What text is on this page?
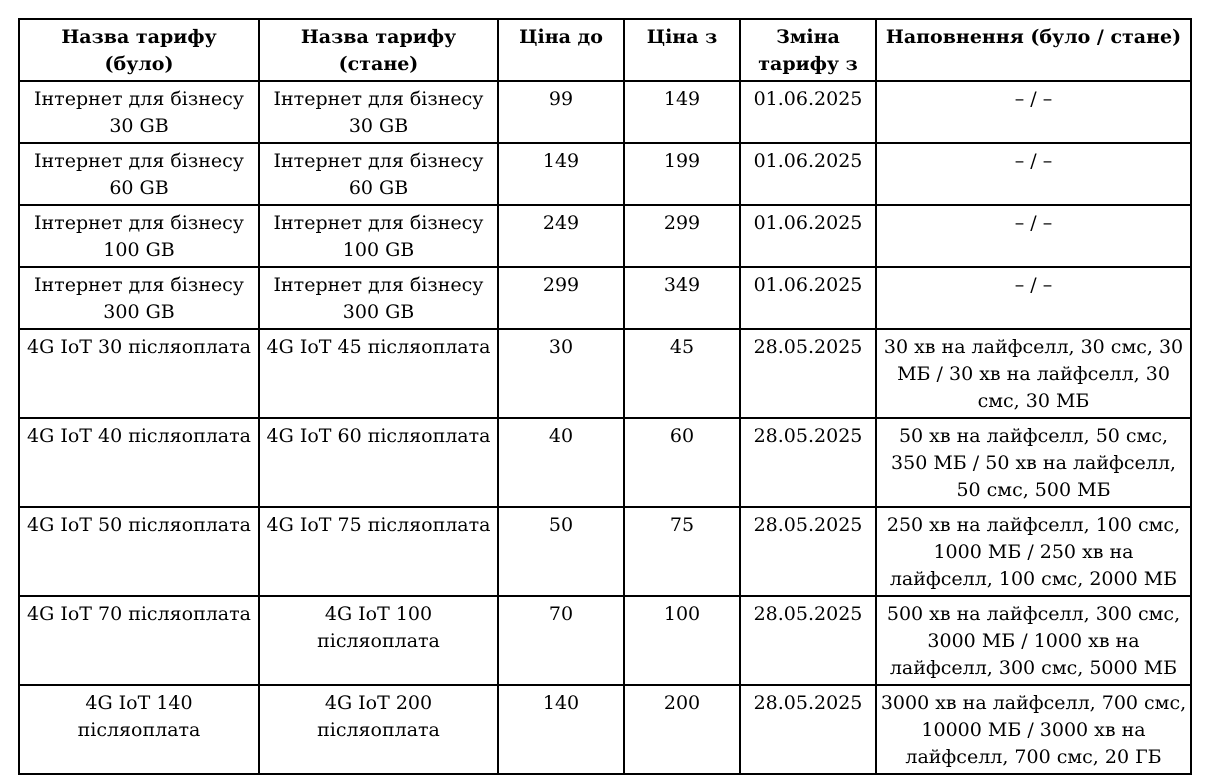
Назва тарифу (було)	Назва тарифу (стане)	Ціна до	Ціна з	Зміна тарифу з	Наповнення (було / стане)
Інтернет для бізнесу 30 GB	Інтернет для бізнесу 30 GB	99	149	01.06.2025	– / –
Інтернет для бізнесу 60 GB	Інтернет для бізнесу 60 GB	149	199	01.06.2025	– / –
Інтернет для бізнесу 100 GB	Інтернет для бізнесу 100 GB	249	299	01.06.2025	– / –
Інтернет для бізнесу 300 GB	Інтернет для бізнесу 300 GB	299	349	01.06.2025	– / –
4G IoT 30 післяоплата	4G IoT 45 післяоплата	30	45	28.05.2025	30 хв на лайфселл, 30 смс, 30 МБ / 30 хв на лайфселл, 30 смс, 30 МБ
4G IoT 40 післяоплата	4G IoT 60 післяоплата	40	60	28.05.2025	50 хв на лайфселл, 50 смс, 350 МБ / 50 хв на лайфселл, 50 смс, 500 МБ
4G IoT 50 післяоплата	4G IoT 75 післяоплата	50	75	28.05.2025	250 хв на лайфселл, 100 смс, 1000 МБ / 250 хв на лайфселл, 100 смс, 2000 МБ
4G IoT 70 післяоплата	4G IoT 100 післяоплата	70	100	28.05.2025	500 хв на лайфселл, 300 смс, 3000 МБ / 1000 хв на лайфселл, 300 смс, 5000 МБ
4G IoT 140 післяоплата	4G IoT 200 післяоплата	140	200	28.05.2025	3000 хв на лайфселл, 700 смс, 10000 МБ / 3000 хв на лайфселл, 700 смс, 20 ГБ
